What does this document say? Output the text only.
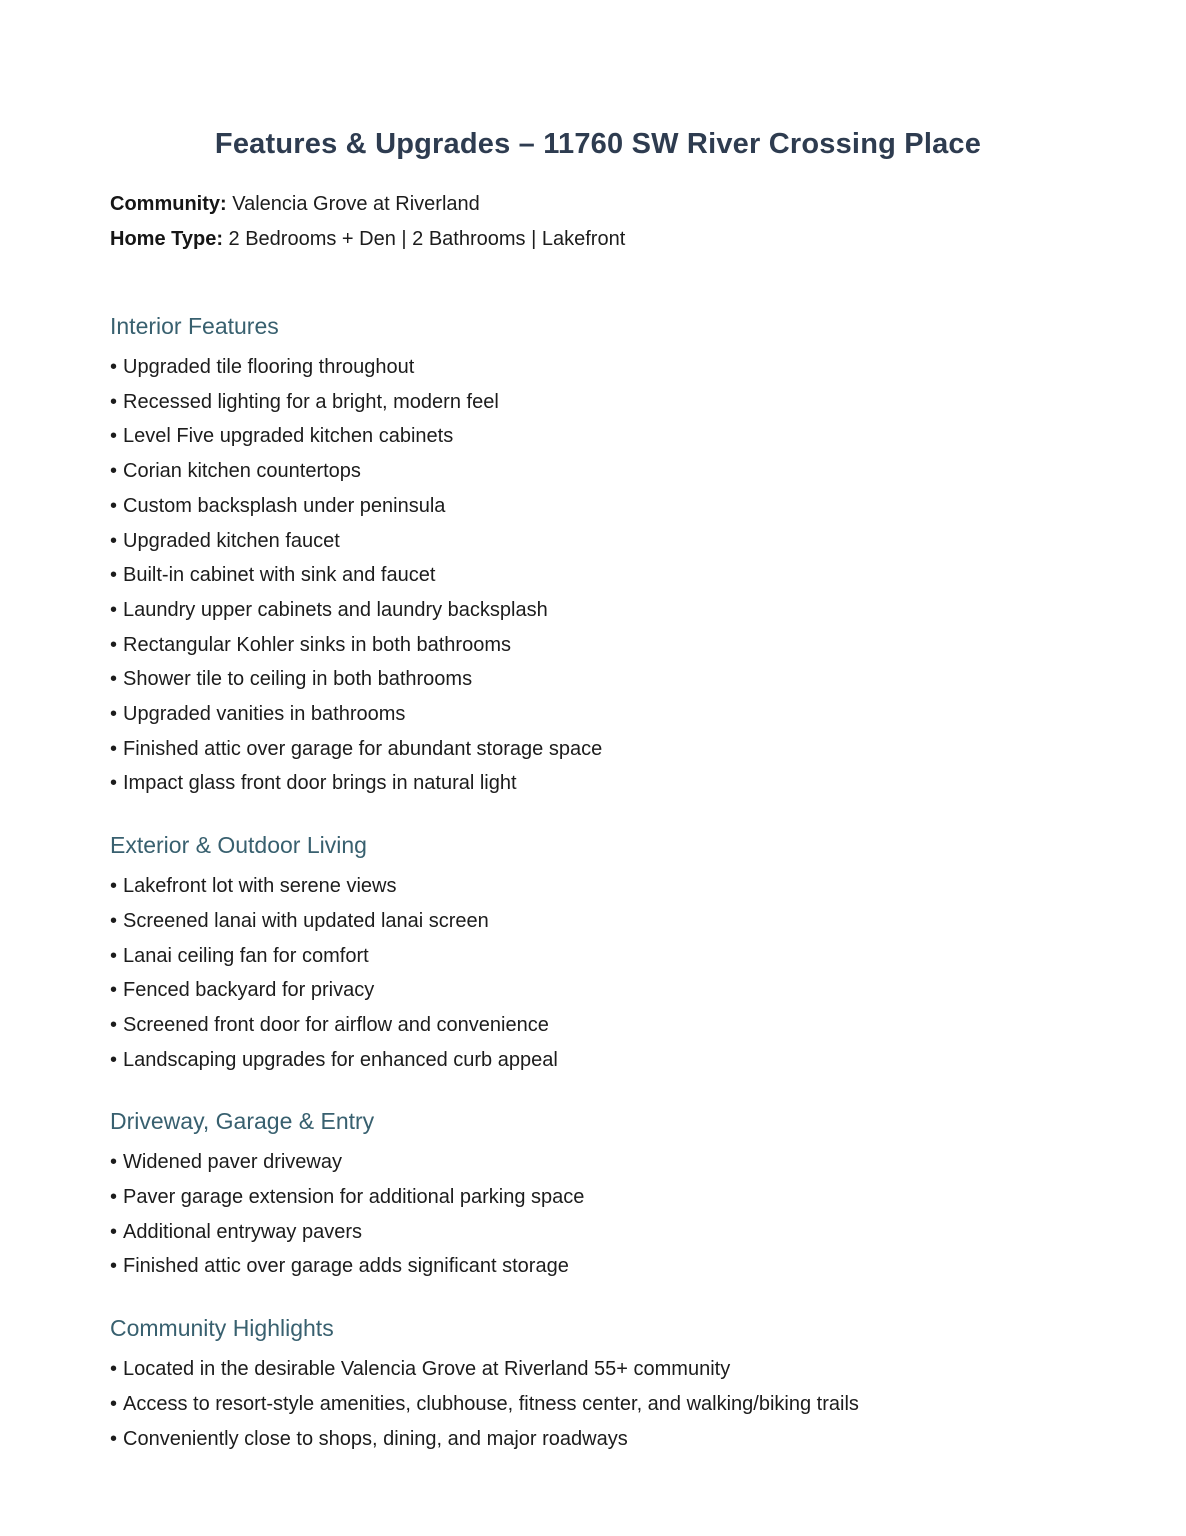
Features & Upgrades – 11760 SW River Crossing Place

Community: Valencia Grove at Riverland

Home Type: 2 Bedrooms + Den | 2 Bathrooms | Lakefront

Interior Features
• Upgraded tile flooring throughout
• Recessed lighting for a bright, modern feel
• Level Five upgraded kitchen cabinets
• Corian kitchen countertops
• Custom backsplash under peninsula
• Upgraded kitchen faucet
• Built-in cabinet with sink and faucet
• Laundry upper cabinets and laundry backsplash
• Rectangular Kohler sinks in both bathrooms
• Shower tile to ceiling in both bathrooms
• Upgraded vanities in bathrooms
• Finished attic over garage for abundant storage space
• Impact glass front door brings in natural light
Exterior & Outdoor Living
• Lakefront lot with serene views
• Screened lanai with updated lanai screen
• Lanai ceiling fan for comfort
• Fenced backyard for privacy
• Screened front door for airflow and convenience
• Landscaping upgrades for enhanced curb appeal
Driveway, Garage & Entry
• Widened paver driveway
• Paver garage extension for additional parking space
• Additional entryway pavers
• Finished attic over garage adds significant storage
Community Highlights
• Located in the desirable Valencia Grove at Riverland 55+ community
• Access to resort-style amenities, clubhouse, fitness center, and walking/biking trails
• Conveniently close to shops, dining, and major roadways
